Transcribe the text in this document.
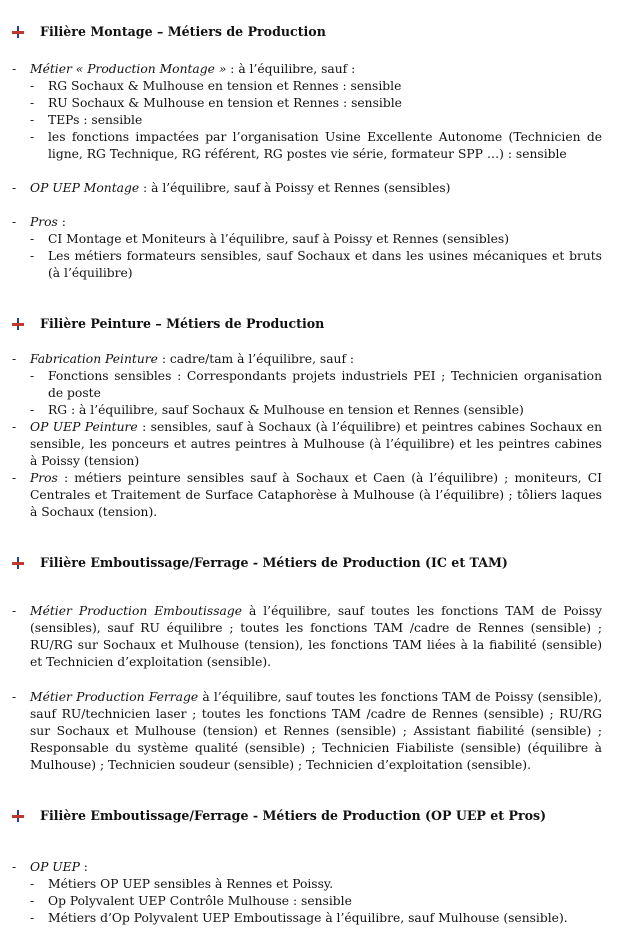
Filière Montage – Métiers de Production
-	Métier « Production Montage » : à l’équilibre, sauf :
-	RG Sochaux & Mulhouse en tension et Rennes : sensible
-	RU Sochaux & Mulhouse en tension et Rennes : sensible
-	TEPs : sensible
-	les fonctions impactées par l’organisation Usine Excellente Autonome (Technicien de ligne, RG Technique, RG référent, RG postes vie série, formateur SPP …) : sensible
-	OP UEP Montage : à l’équilibre, sauf à Poissy et Rennes (sensibles)
-	Pros :
-	CI Montage et Moniteurs à l’équilibre, sauf à Poissy et Rennes (sensibles)
-	Les métiers formateurs sensibles, sauf Sochaux et dans les usines mécaniques et bruts (à l’équilibre)
Filière Peinture – Métiers de Production
-	Fabrication Peinture : cadre/tam à l’équilibre, sauf :
-	Fonctions sensibles : Correspondants projets industriels PEI ; Technicien organisation de poste
-	RG : à l’équilibre, sauf Sochaux & Mulhouse en tension et Rennes (sensible)
-	OP UEP Peinture : sensibles, sauf à Sochaux (à l’équilibre) et peintres cabines Sochaux en sensible, les ponceurs et autres peintres à Mulhouse (à l’équilibre) et les peintres cabines à Poissy (tension)
-	Pros : métiers peinture sensibles sauf à Sochaux et Caen (à l’équilibre) ; moniteurs, CI Centrales et Traitement de Surface Cataphorèse à Mulhouse (à l’équilibre) ; tôliers laques à Sochaux (tension).
Filière Emboutissage/Ferrage - Métiers de Production (IC et TAM)
-	Métier Production Emboutissage à l’équilibre, sauf toutes les fonctions TAM de Poissy (sensibles), sauf RU équilibre ; toutes les fonctions TAM /cadre de Rennes (sensible) ; RU/RG sur Sochaux et Mulhouse (tension), les fonctions TAM liées à la fiabilité (sensible) et Technicien d’exploitation (sensible).
-	Métier Production Ferrage à l’équilibre, sauf toutes les fonctions TAM de Poissy (sensible), sauf RU/technicien laser ; toutes les fonctions TAM /cadre de Rennes (sensible) ; RU/RG sur Sochaux et Mulhouse (tension) et Rennes (sensible) ; Assistant fiabilité (sensible) ; Responsable du système qualité (sensible) ; Technicien Fiabiliste (sensible) (équilibre à Mulhouse) ; Technicien soudeur (sensible) ; Technicien d’exploitation (sensible).
Filière Emboutissage/Ferrage - Métiers de Production (OP UEP et Pros)
-	OP UEP :
-	Métiers OP UEP sensibles à Rennes et Poissy.
-	Op Polyvalent UEP Contrôle Mulhouse : sensible
-	Métiers d’Op Polyvalent UEP Emboutissage à l’équilibre, sauf Mulhouse (sensible).
